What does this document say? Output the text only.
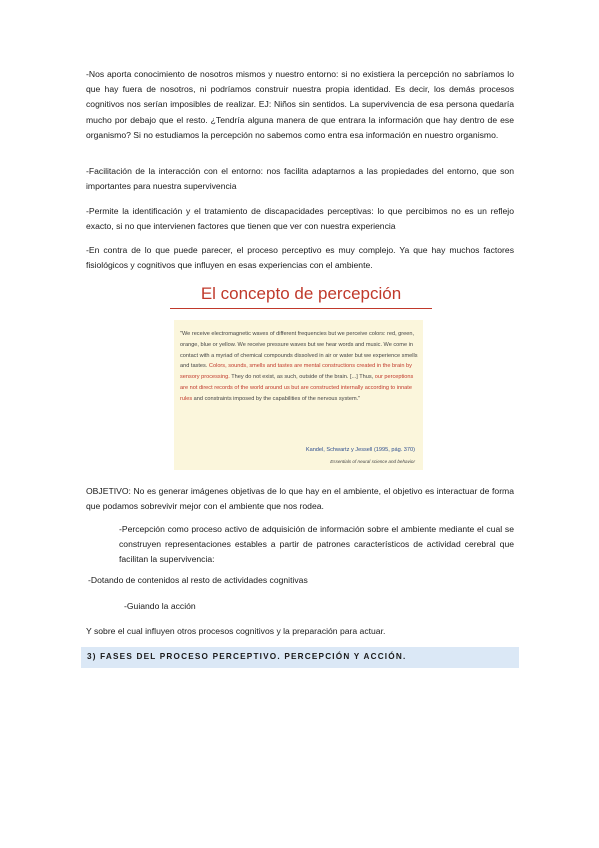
-Nos aporta conocimiento de nosotros mismos y nuestro entorno: si no existiera la percepción no sabríamos lo que hay fuera de nosotros, ni podríamos construir nuestra propia identidad. Es decir, los demás procesos cognitivos nos serían imposibles de realizar. EJ: Niños sin sentidos. La supervivencia de esa persona quedaría mucho por debajo que el resto. ¿Tendría alguna manera de que entrara la información que hay dentro de ese organismo? Si no estudiamos la percepción no sabemos como entra esa información en nuestro organismo.

-Facilitación de la interacción con el entorno: nos facilita adaptarnos a las propiedades del entorno, que son importantes para nuestra supervivencia

-Permite la identificación y el tratamiento de discapacidades perceptivas: lo que percibimos no es un reflejo exacto, si no que intervienen factores que tienen que ver con nuestra experiencia

-En contra de lo que puede parecer, el proceso perceptivo es muy complejo. Ya que hay muchos factores fisiológicos y cognitivos que influyen en esas experiencias con el ambiente.

El concepto de percepción

"We receive electromagnetic waves of different frequencies but we perceive colors: red, green, orange, blue or yellow. We receive pressure waves but we hear words and music. We come in contact with a myriad of chemical compounds dissolved in air or water but we experience smells and tastes. Colors, sounds, smells and tastes are mental constructions created in the brain by sensory processing. They do not exist, as such, outside of the brain. [...] Thus, our perceptions are not direct records of the world around us but are constructed internally according to innate rules and constraints imposed by the capabilities of the nervous system."

Kandel, Schwartz y Jessell (1995, pág. 370)
Essentials of neural science and behavior

OBJETIVO: No es generar imágenes objetivas de lo que hay en el ambiente, el objetivo es interactuar de forma que podamos sobrevivir mejor con el ambiente que nos rodea.

-Percepción como proceso activo de adquisición de información sobre el ambiente mediante el cual se construyen representaciones estables a partir de patrones característicos de actividad cerebral que facilitan la supervivencia:

-Dotando de contenidos al resto de actividades cognitivas

-Guiando la acción

Y sobre el cual influyen otros procesos cognitivos y la preparación para actuar.

3) FASES DEL PROCESO PERCEPTIVO. PERCEPCIÓN Y ACCIÓN.
